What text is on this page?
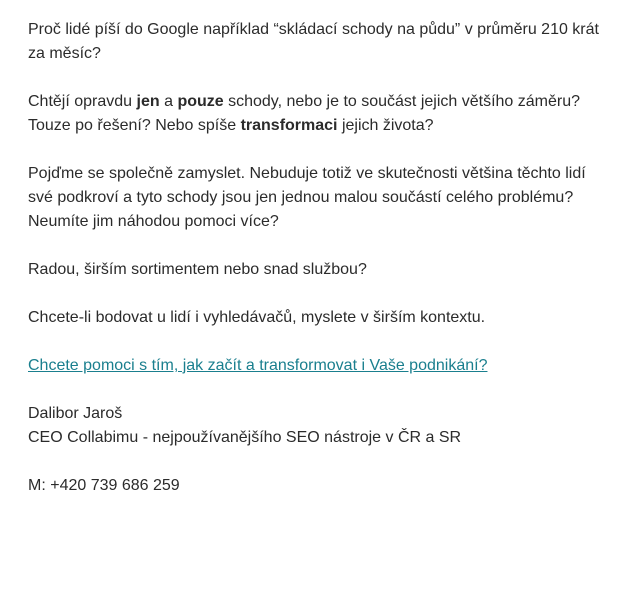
Proč lidé píší do Google například “skládací schody na půdu” v průměru 210 krát za měsíc?

Chtějí opravdu jen a pouze schody, nebo je to součást jejich většího záměru?
Touze po řešení? Nebo spíše transformaci jejich života?

Pojďme se společně zamyslet. Nebuduje totiž ve skutečnosti většina těchto lidí své podkroví a tyto schody jsou jen jednou malou součástí celého problému? Neumíte jim náhodou pomoci více?

Radou, širším sortimentem nebo snad službou?

Chcete-li bodovat u lidí i vyhledávačů, myslete v širším kontextu.

Chcete pomoci s tím, jak začít a transformovat i Vaše podnikání?

Dalibor Jaroš
CEO Collabimu - nejpoužívanějšího SEO nástroje v ČR a SR

M: +420 739 686 259
